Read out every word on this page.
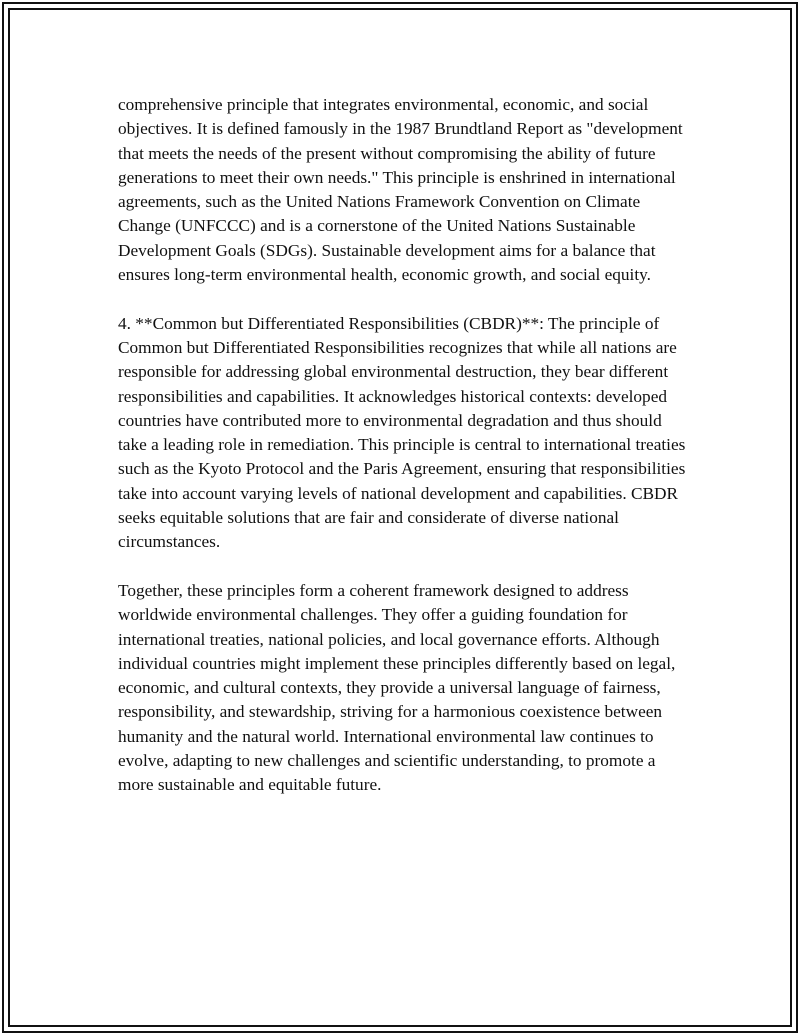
comprehensive principle that integrates environmental, economic, and social objectives. It is defined famously in the 1987 Brundtland Report as "development that meets the needs of the present without compromising the ability of future generations to meet their own needs." This principle is enshrined in international agreements, such as the United Nations Framework Convention on Climate Change (UNFCCC) and is a cornerstone of the United Nations Sustainable Development Goals (SDGs). Sustainable development aims for a balance that ensures long-term environmental health, economic growth, and social equity.

4. **Common but Differentiated Responsibilities (CBDR)**: The principle of Common but Differentiated Responsibilities recognizes that while all nations are responsible for addressing global environmental destruction, they bear different responsibilities and capabilities. It acknowledges historical contexts: developed countries have contributed more to environmental degradation and thus should take a leading role in remediation. This principle is central to international treaties such as the Kyoto Protocol and the Paris Agreement, ensuring that responsibilities take into account varying levels of national development and capabilities. CBDR seeks equitable solutions that are fair and considerate of diverse national circumstances.

Together, these principles form a coherent framework designed to address worldwide environmental challenges. They offer a guiding foundation for international treaties, national policies, and local governance efforts. Although individual countries might implement these principles differently based on legal, economic, and cultural contexts, they provide a universal language of fairness, responsibility, and stewardship, striving for a harmonious coexistence between humanity and the natural world. International environmental law continues to evolve, adapting to new challenges and scientific understanding, to promote a more sustainable and equitable future.
